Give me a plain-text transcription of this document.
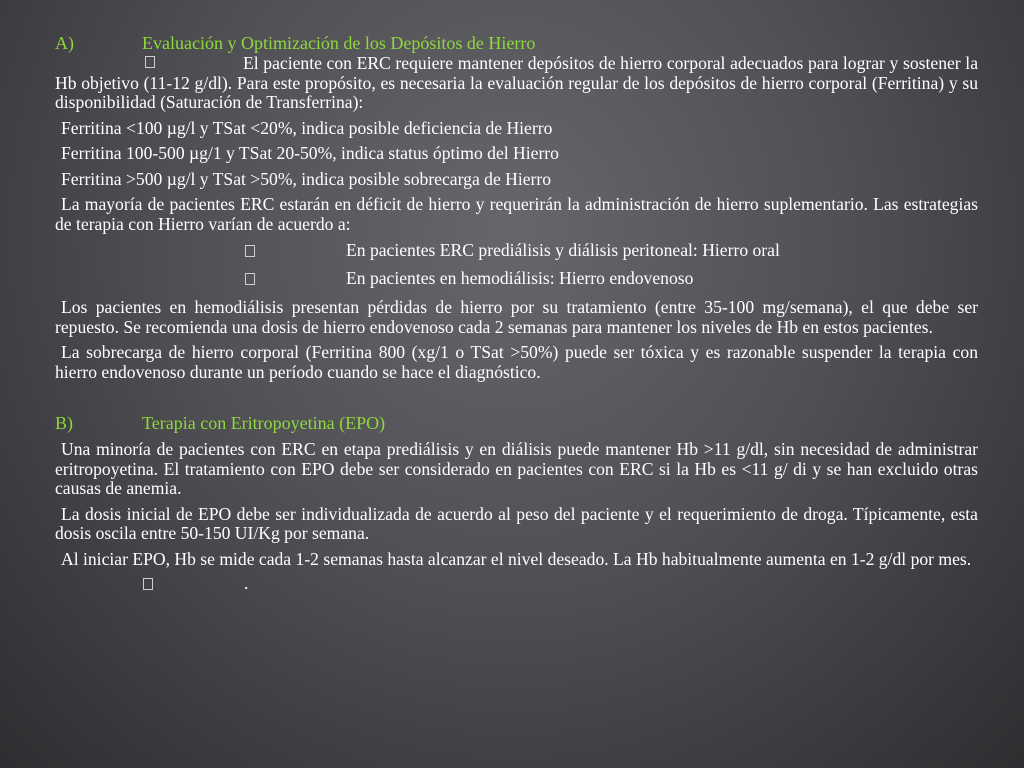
A)	Evaluación y Optimización de los Depósitos de Hierro

El paciente con ERC requiere mantener depósitos de hierro corporal adecuados para lograr y sostener la Hb objetivo (11-12 g/dl). Para este propósito, es necesaria la evaluación regular de los depósitos de hierro corporal (Ferritina) y su disponibilidad (Saturación de Transferrina):

Ferritina <100 µg/l y TSat <20%, indica posible deficiencia de Hierro

Ferritina 100-500 µg/1 y TSat 20-50%, indica status óptimo del Hierro

Ferritina >500 µg/l y TSat >50%, indica posible sobrecarga de Hierro

La mayoría de pacientes ERC estarán en déficit de hierro y requerirán la administración de hierro suplementario. Las estrategias de terapia con Hierro varían de acuerdo a:

En pacientes ERC prediálisis y diálisis peritoneal: Hierro oral
En pacientes en hemodiálisis: Hierro endovenoso

Los pacientes en hemodiálisis presentan pérdidas de hierro por su tratamiento (entre 35-100 mg/semana), el que debe ser repuesto. Se recomienda una dosis de hierro endovenoso cada 2 semanas para mantener los niveles de Hb en estos pacientes.

La sobrecarga de hierro corporal (Ferritina 800 (xg/1 o TSat >50%) puede ser tóxica y es razonable suspender la terapia con hierro endovenoso durante un período cuando se hace el diagnóstico.

B)	Terapia con Eritropoyetina (EPO)

Una minoría de pacientes con ERC en etapa prediálisis y en diálisis puede mantener Hb >11 g/dl, sin necesidad de administrar eritropoyetina. El tratamiento con EPO debe ser considerado en pacientes con ERC si la Hb es <11 g/ di y se han excluido otras causas de anemia.

La dosis inicial de EPO debe ser individualizada de acuerdo al peso del paciente y el requerimiento de droga. Típicamente, esta dosis oscila entre 50-150 UI/Kg por semana.

Al iniciar EPO, Hb se mide cada 1-2 semanas hasta alcanzar el nivel deseado. La Hb habitualmente aumenta en 1-2 g/dl por mes.

.
